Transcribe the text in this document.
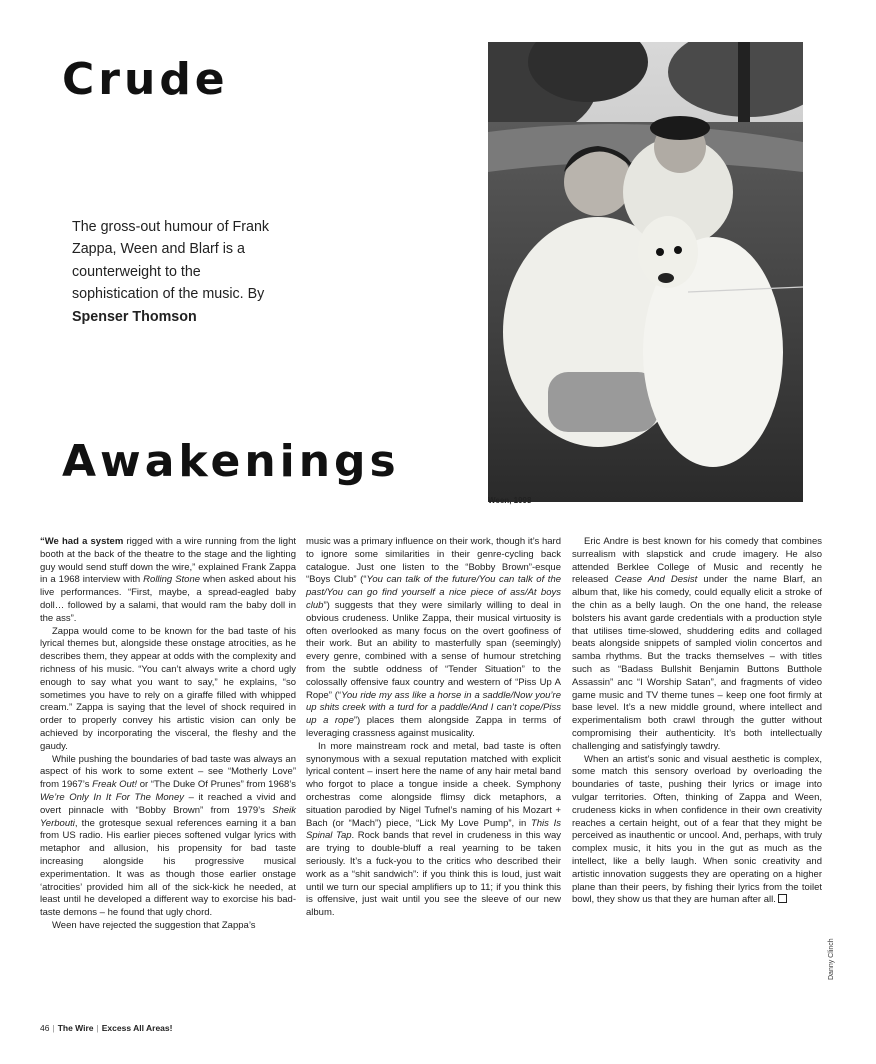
Crude
Awakenings
The gross-out humour of Frank Zappa, Ween and Blarf is a counterweight to the sophistication of the music. By Spenser Thomson
Ween, 1998

“We had a system rigged with a wire running from the light booth at the back of the theatre to the stage and the lighting guy would send stuff down the wire,” explained Frank Zappa in a 1968 interview with Rolling Stone when asked about his live performances. “First, maybe, a spread-eagled baby doll… followed by a salami, that would ram the baby doll in the ass”.

Zappa would come to be known for the bad taste of his lyrical themes but, alongside these onstage atrocities, as he describes them, they appear at odds with the complexity and richness of his music. “You can’t always write a chord ugly enough to say what you want to say,” he explains, “so sometimes you have to rely on a giraffe filled with whipped cream.” Zappa is saying that the level of shock required in order to properly convey his artistic vision can only be achieved by incorporating the visceral, the fleshy and the gaudy.

While pushing the boundaries of bad taste was always an aspect of his work to some extent – see “Motherly Love” from 1967’s Freak Out! or “The Duke Of Prunes” from 1968’s We’re Only In It For The Money – it reached a vivid and overt pinnacle with “Bobby Brown” from 1979’s Sheik Yerbouti, the grotesque sexual references earning it a ban from US radio. His earlier pieces softened vulgar lyrics with metaphor and allusion, his propensity for bad taste increasing alongside his progressive musical experimentation. It was as though those earlier onstage ‘atrocities’ provided him all of the sick-kick he needed, at least until he developed a different way to exorcise his bad-taste demons – he found that ugly chord.

Ween have rejected the suggestion that Zappa’s

music was a primary influence on their work, though it’s hard to ignore some similarities in their genre-cycling back catalogue. Just one listen to the “Bobby Brown”-esque “Boys Club” (“You can talk of the future/You can talk of the past/You can go find yourself a nice piece of ass/At boys club”) suggests that they were similarly willing to deal in obvious crudeness. Unlike Zappa, their musical virtuosity is often overlooked as many focus on the overt goofiness of their work. But an ability to masterfully span (seemingly) every genre, combined with a sense of humour stretching from the subtle oddness of “Tender Situation” to the colossally offensive faux country and western of “Piss Up A Rope” (“You ride my ass like a horse in a saddle/Now you’re up shits creek with a turd for a paddle/And I can’t cope/Piss up a rope”) places them alongside Zappa in terms of leveraging crassness against musicality.

In more mainstream rock and metal, bad taste is often synonymous with a sexual reputation matched with explicit lyrical content – insert here the name of any hair metal band who forgot to place a tongue inside a cheek. Symphony orchestras come alongside flimsy dick metaphors, a situation parodied by Nigel Tufnel’s naming of his Mozart + Bach (or “Mach”) piece, “Lick My Love Pump”, in This Is Spinal Tap. Rock bands that revel in crudeness in this way are trying to double-bluff a real yearning to be taken seriously. It’s a fuck-you to the critics who described their work as a “shit sandwich”: if you think this is loud, just wait until we turn our special amplifiers up to 11; if you think this is offensive, just wait until you see the sleeve of our new album.

Eric Andre is best known for his comedy that combines surrealism with slapstick and crude imagery. He also attended Berklee College of Music and recently he released Cease And Desist under the name Blarf, an album that, like his comedy, could equally elicit a stroke of the chin as a belly laugh. On the one hand, the release bolsters his avant garde credentials with a production style that utilises time-slowed, shuddering edits and collaged beats alongside snippets of sampled violin concertos and samba rhythms. But the tracks themselves – with titles such as “Badass Bullshit Benjamin Buttons Butthole Assassin” anc “I Worship Satan”, and fragments of video game music and TV theme tunes – keep one foot firmly at base level. It’s a new middle ground, where intellect and experimentalism both crawl through the gutter without compromising their authenticity. It’s both intellectually challenging and satisfyingly tawdry.

When an artist’s sonic and visual aesthetic is complex, some match this sensory overload by overloading the boundaries of taste, pushing their lyrics or image into vulgar territories. Often, thinking of Zappa and Ween, crudeness kicks in when confidence in their own creativity reaches a certain height, out of a fear that they might be perceived as inauthentic or uncool. And, perhaps, with truly complex music, it hits you in the gut as much as the intellect, like a belly laugh. When sonic creativity and artistic innovation suggests they are operating on a higher plane than their peers, by fishing their lyrics from the toilet bowl, they show us that they are human after all.

Danny Clinch
46 | The Wire | Excess All Areas!
